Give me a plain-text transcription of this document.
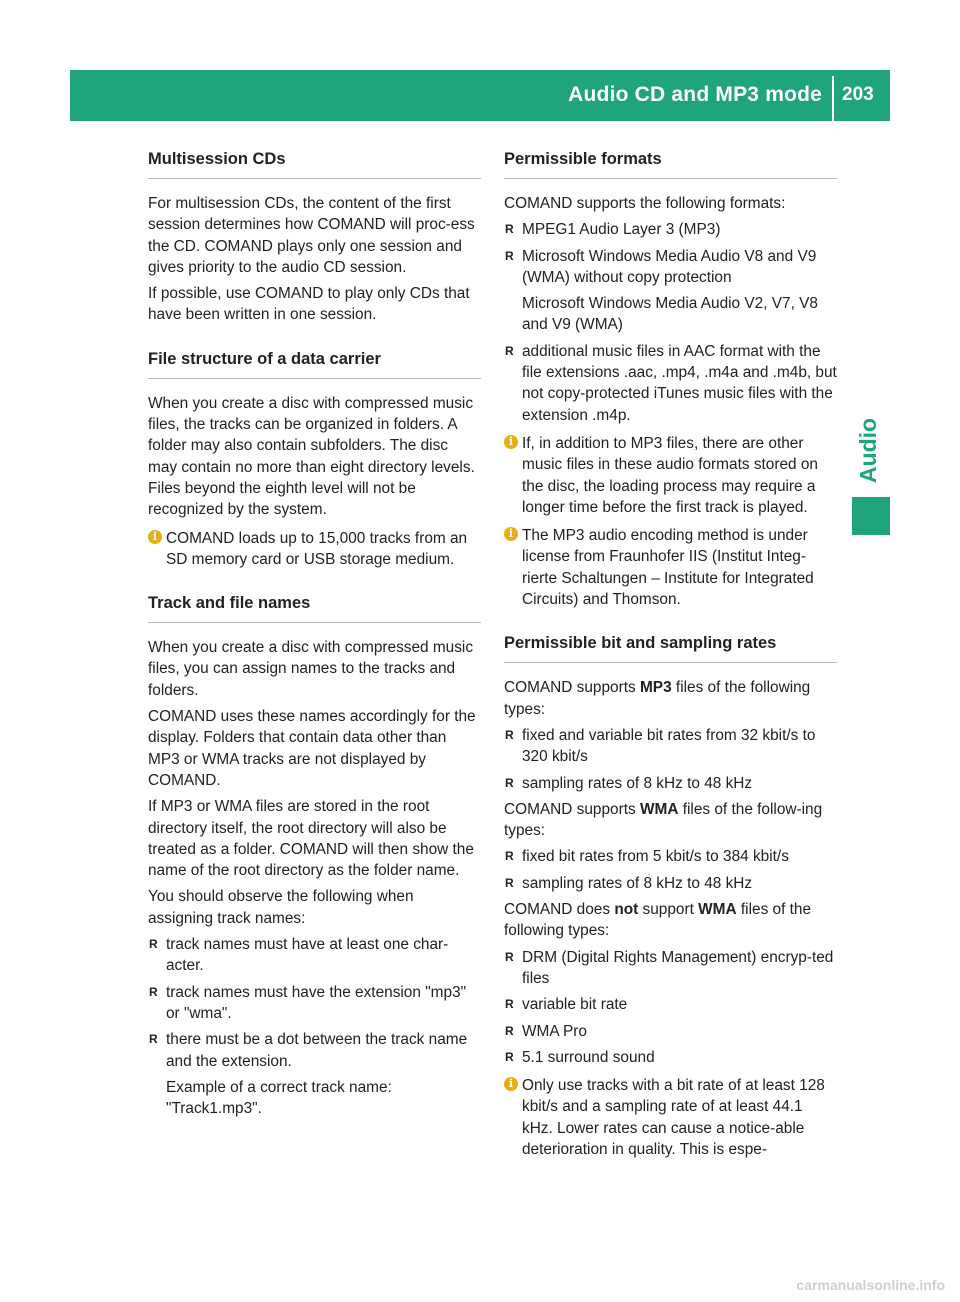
Audio CD and MP3 mode 203
Audio
Multisession CDs

For multisession CDs, the content of the first session determines how COMAND will proc-ess the CD. COMAND plays only one session and gives priority to the audio CD session.

If possible, use COMAND to play only CDs that have been written in one session.

File structure of a data carrier

When you create a disc with compressed music files, the tracks can be organized in folders. A folder may also contain subfolders. The disc may contain no more than eight directory levels. Files beyond the eighth level will not be recognized by the system.

i COMAND loads up to 15,000 tracks from an SD memory card or USB storage medium.
Track and file names

When you create a disc with compressed music files, you can assign names to the tracks and folders.

COMAND uses these names accordingly for the display. Folders that contain data other than MP3 or WMA tracks are not displayed by COMAND.

If MP3 or WMA files are stored in the root directory itself, the root directory will also be treated as a folder. COMAND will then show the name of the root directory as the folder name.

You should observe the following when assigning track names:

R track names must have at least one char-acter.
R track names must have the extension "mp3" or "wma".
R there must be a dot between the track name and the extension.

Example of a correct track name: "Track1.mp3".

Permissible formats

COMAND supports the following formats:

R MPEG1 Audio Layer 3 (MP3)
R Microsoft Windows Media Audio V8 and V9 (WMA) without copy protection

Microsoft Windows Media Audio V2, V7, V8 and V9 (WMA)

R additional music files in AAC format with the file extensions .aac, .mp4, .m4a and .m4b, but not copy-protected iTunes music files with the extension .m4p.
i If, in addition to MP3 files, there are other music files in these audio formats stored on the disc, the loading process may require a longer time before the first track is played.
i The MP3 audio encoding method is under license from Fraunhofer IIS (Institut Integ-rierte Schaltungen – Institute for Integrated Circuits) and Thomson.
Permissible bit and sampling rates

COMAND supports MP3 files of the following types:

R fixed and variable bit rates from 32 kbit/s to 320 kbit/s
R sampling rates of 8 kHz to 48 kHz

COMAND supports WMA files of the follow-ing types:

R fixed bit rates from 5 kbit/s to 384 kbit/s
R sampling rates of 8 kHz to 48 kHz

COMAND does not support WMA files of the following types:

R DRM (Digital Rights Management) encryp-ted files
R variable bit rate
R WMA Pro
R 5.1 surround sound
i Only use tracks with a bit rate of at least 128 kbit/s and a sampling rate of at least 44.1 kHz. Lower rates can cause a notice-able deterioration in quality. This is espe-
carmanualsonline.info
